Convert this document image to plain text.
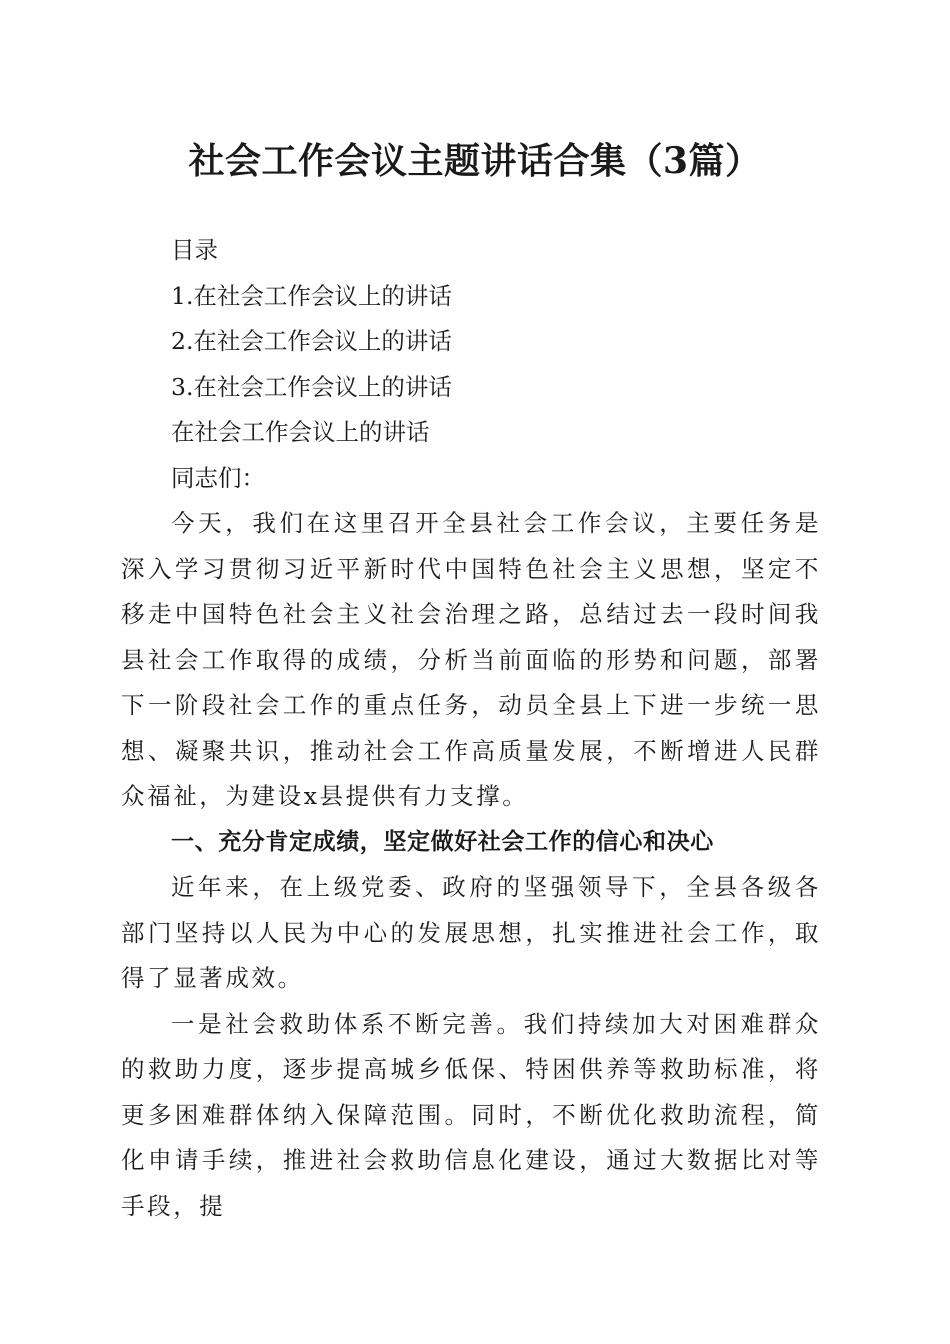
社会工作会议主题讲话合集（3篇）

目录

1.在社会工作会议上的讲话

2.在社会工作会议上的讲话

3.在社会工作会议上的讲话

在社会工作会议上的讲话

同志们：

今天，我们在这里召开全县社会工作会议，主要任务是深入学习贯彻习近平新时代中国特色社会主义思想，坚定不移走中国特色社会主义社会治理之路，总结过去一段时间我县社会工作取得的成绩，分析当前面临的形势和问题，部署下一阶段社会工作的重点任务，动员全县上下进一步统一思想、凝聚共识，推动社会工作高质量发展，不断增进人民群众福祉，为建设x县提供有力支撑。

一、充分肯定成绩，坚定做好社会工作的信心和决心

近年来，在上级党委、政府的坚强领导下，全县各级各部门坚持以人民为中心的发展思想，扎实推进社会工作，取得了显著成效。

一是社会救助体系不断完善。我们持续加大对困难群众的救助力度，逐步提高城乡低保、特困供养等救助标准，将更多困难群体纳入保障范围。同时，不断优化救助流程，简化申请手续，推进社会救助信息化建设，通过大数据比对等手段，提
